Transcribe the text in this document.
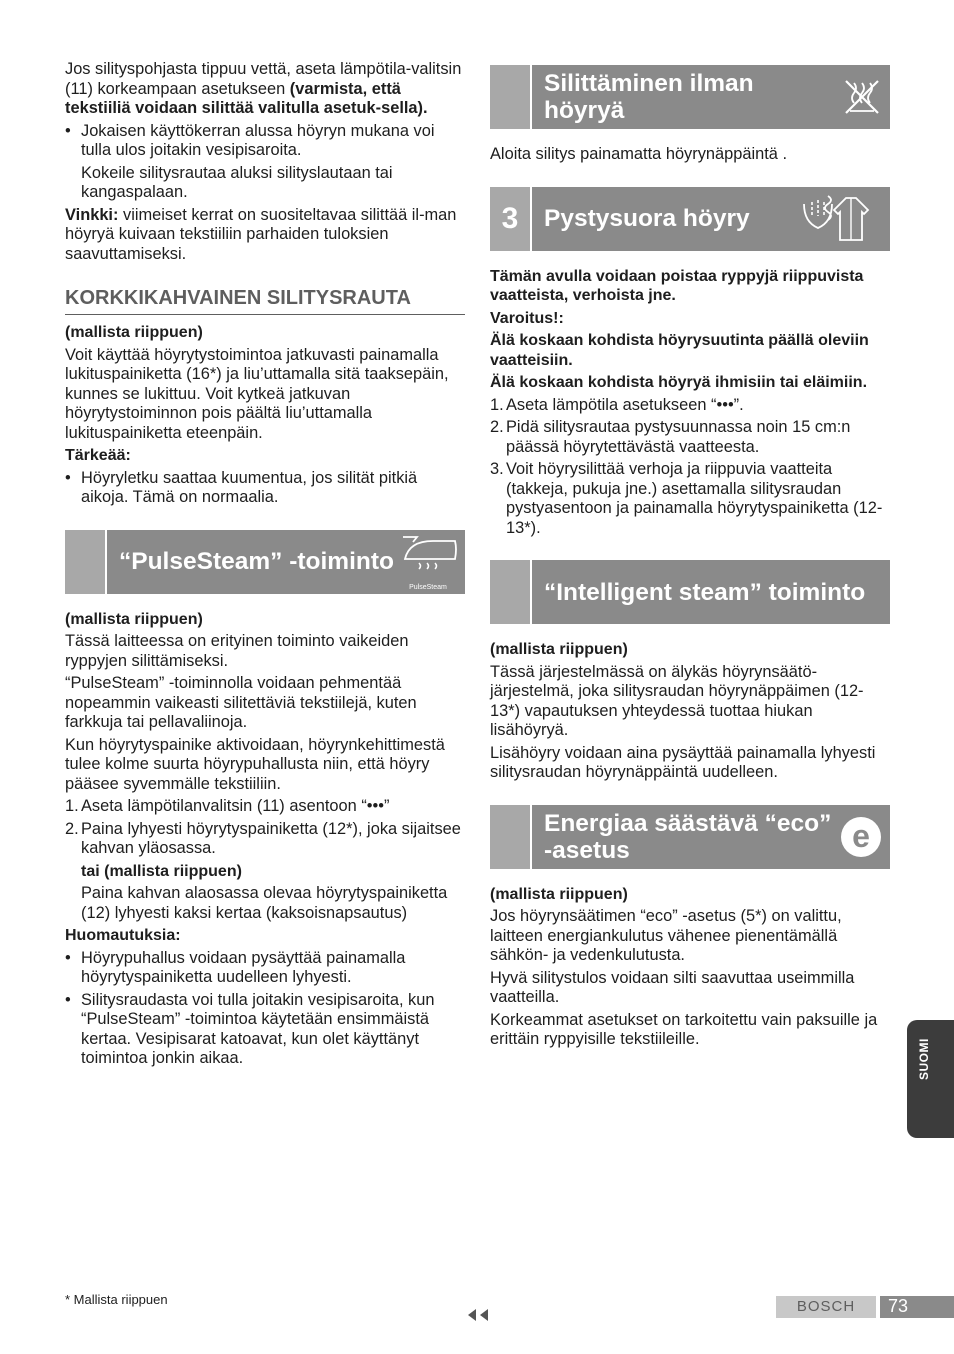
Jos silityspohjasta tippuu vettä, aseta lämpötila-valitsin (11) korkeampaan asetukseen (varmista, että tekstiiliä voidaan silittää valitulla asetuk-sella).

• Jokaisen käyttökerran alussa höyryn mukana voi tulla ulos joitakin vesipisaroita.

Kokeile silitysrautaa aluksi silityslautaan tai kangaspalaan.

Vinkki: viimeiset kerrat on suositeltavaa silittää il-man höyryä kuivaan tekstiiliin parhaiden tuloksien saavuttamiseksi.

KORKKIKAHVAINEN SILITYSRAUTA

(mallista riippuen)

Voit käyttää höyrytystoimintoa jatkuvasti painamalla lukituspainiketta (16*) ja liu’uttamalla sitä taaksepäin, kunnes se lukittuu. Voit kytkeä jatkuvan höyrytystoiminnon pois päältä liu’uttamalla lukituspainiketta eteenpäin.

Tärkeää:

• Höyryletku saattaa kuumentua, jos silität pitkiä aikoja. Tämä on normaalia.
“PulseSteam” -toiminto
PulseSteam

(mallista riippuen)

Tässä laitteessa on erityinen toiminto vaikeiden ryppyjen silittämiseksi.

“PulseSteam” -toiminnolla voidaan pehmentää nopeammin vaikeasti silitettäviä tekstiilejä, kuten farkkuja tai pellavaliinoja.

Kun höyrytyspainike aktivoidaan, höyrynkehittimestä tulee kolme suurta höyrypuhallusta niin, että höyry pääsee syvemmälle tekstiiliin.

1. Aseta lämpötilanvalitsin (11) asentoon “•••”
2. Paina lyhyesti höyrytyspainiketta (12*), joka sijaitsee kahvan yläosassa.

tai (mallista riippuen)

Paina kahvan alaosassa olevaa höyrytyspainiketta (12) lyhyesti kaksi kertaa (kaksoisnapsautus)

Huomautuksia:

• Höyrypuhallus voidaan pysäyttää painamalla höyrytyspainiketta uudelleen lyhyesti.
• Silitysraudasta voi tulla joitakin vesipisaroita, kun “PulseSteam” -toimintoa käytetään ensimmäistä kertaa. Vesipisarat katoavat, kun olet käyttänyt toimintoa jonkin aikaa.
Silittäminen ilman höyryä

Aloita silitys painamatta höyrynäppäintä .

3	Pystysuora höyry

Tämän avulla voidaan poistaa ryppyjä riippuvista vaatteista, verhoista jne.

Varoitus!:

Älä koskaan kohdista höyrysuutinta päällä oleviin vaatteisiin.

Älä koskaan kohdista höyryä ihmisiin tai eläimiin.

1. Aseta lämpötila asetukseen “•••”.
2. Pidä silitysrautaa pystysuunnassa noin 15 cm:n päässä höyrytettävästä vaatteesta.
3. Voit höyrysilittää verhoja ja riippuvia vaatteita (takkeja, pukuja jne.) asettamalla silitysraudan pystyasentoon ja painamalla höyrytyspainiketta (12-13*).
“Intelligent steam” toiminto

(mallista riippuen)

Tässä järjestelmässä on älykäs höyrynsäätö-järjestelmä, joka silitysraudan höyrynäppäimen (12-13*) vapautuksen yhteydessä tuottaa hiukan lisähöyryä.

Lisähöyry voidaan aina pysäyttää painamalla lyhyesti silitysraudan höyrynäppäintä uudelleen.

Energiaa säästävä “eco” -asetus	e

(mallista riippuen)

Jos höyrynsäätimen “eco” -asetus (5*) on valittu, laitteen energiankulutus vähenee pienentämällä sähkön- ja vedenkulutusta.

Hyvä silitystulos voidaan silti saavuttaa useimmilla vaatteilla.

Korkeammat asetukset on tarkoitettu vain paksuille ja erittäin ryppyisille tekstiileille.	SUOMI
* Mallista riippuen	BOSCH	73
